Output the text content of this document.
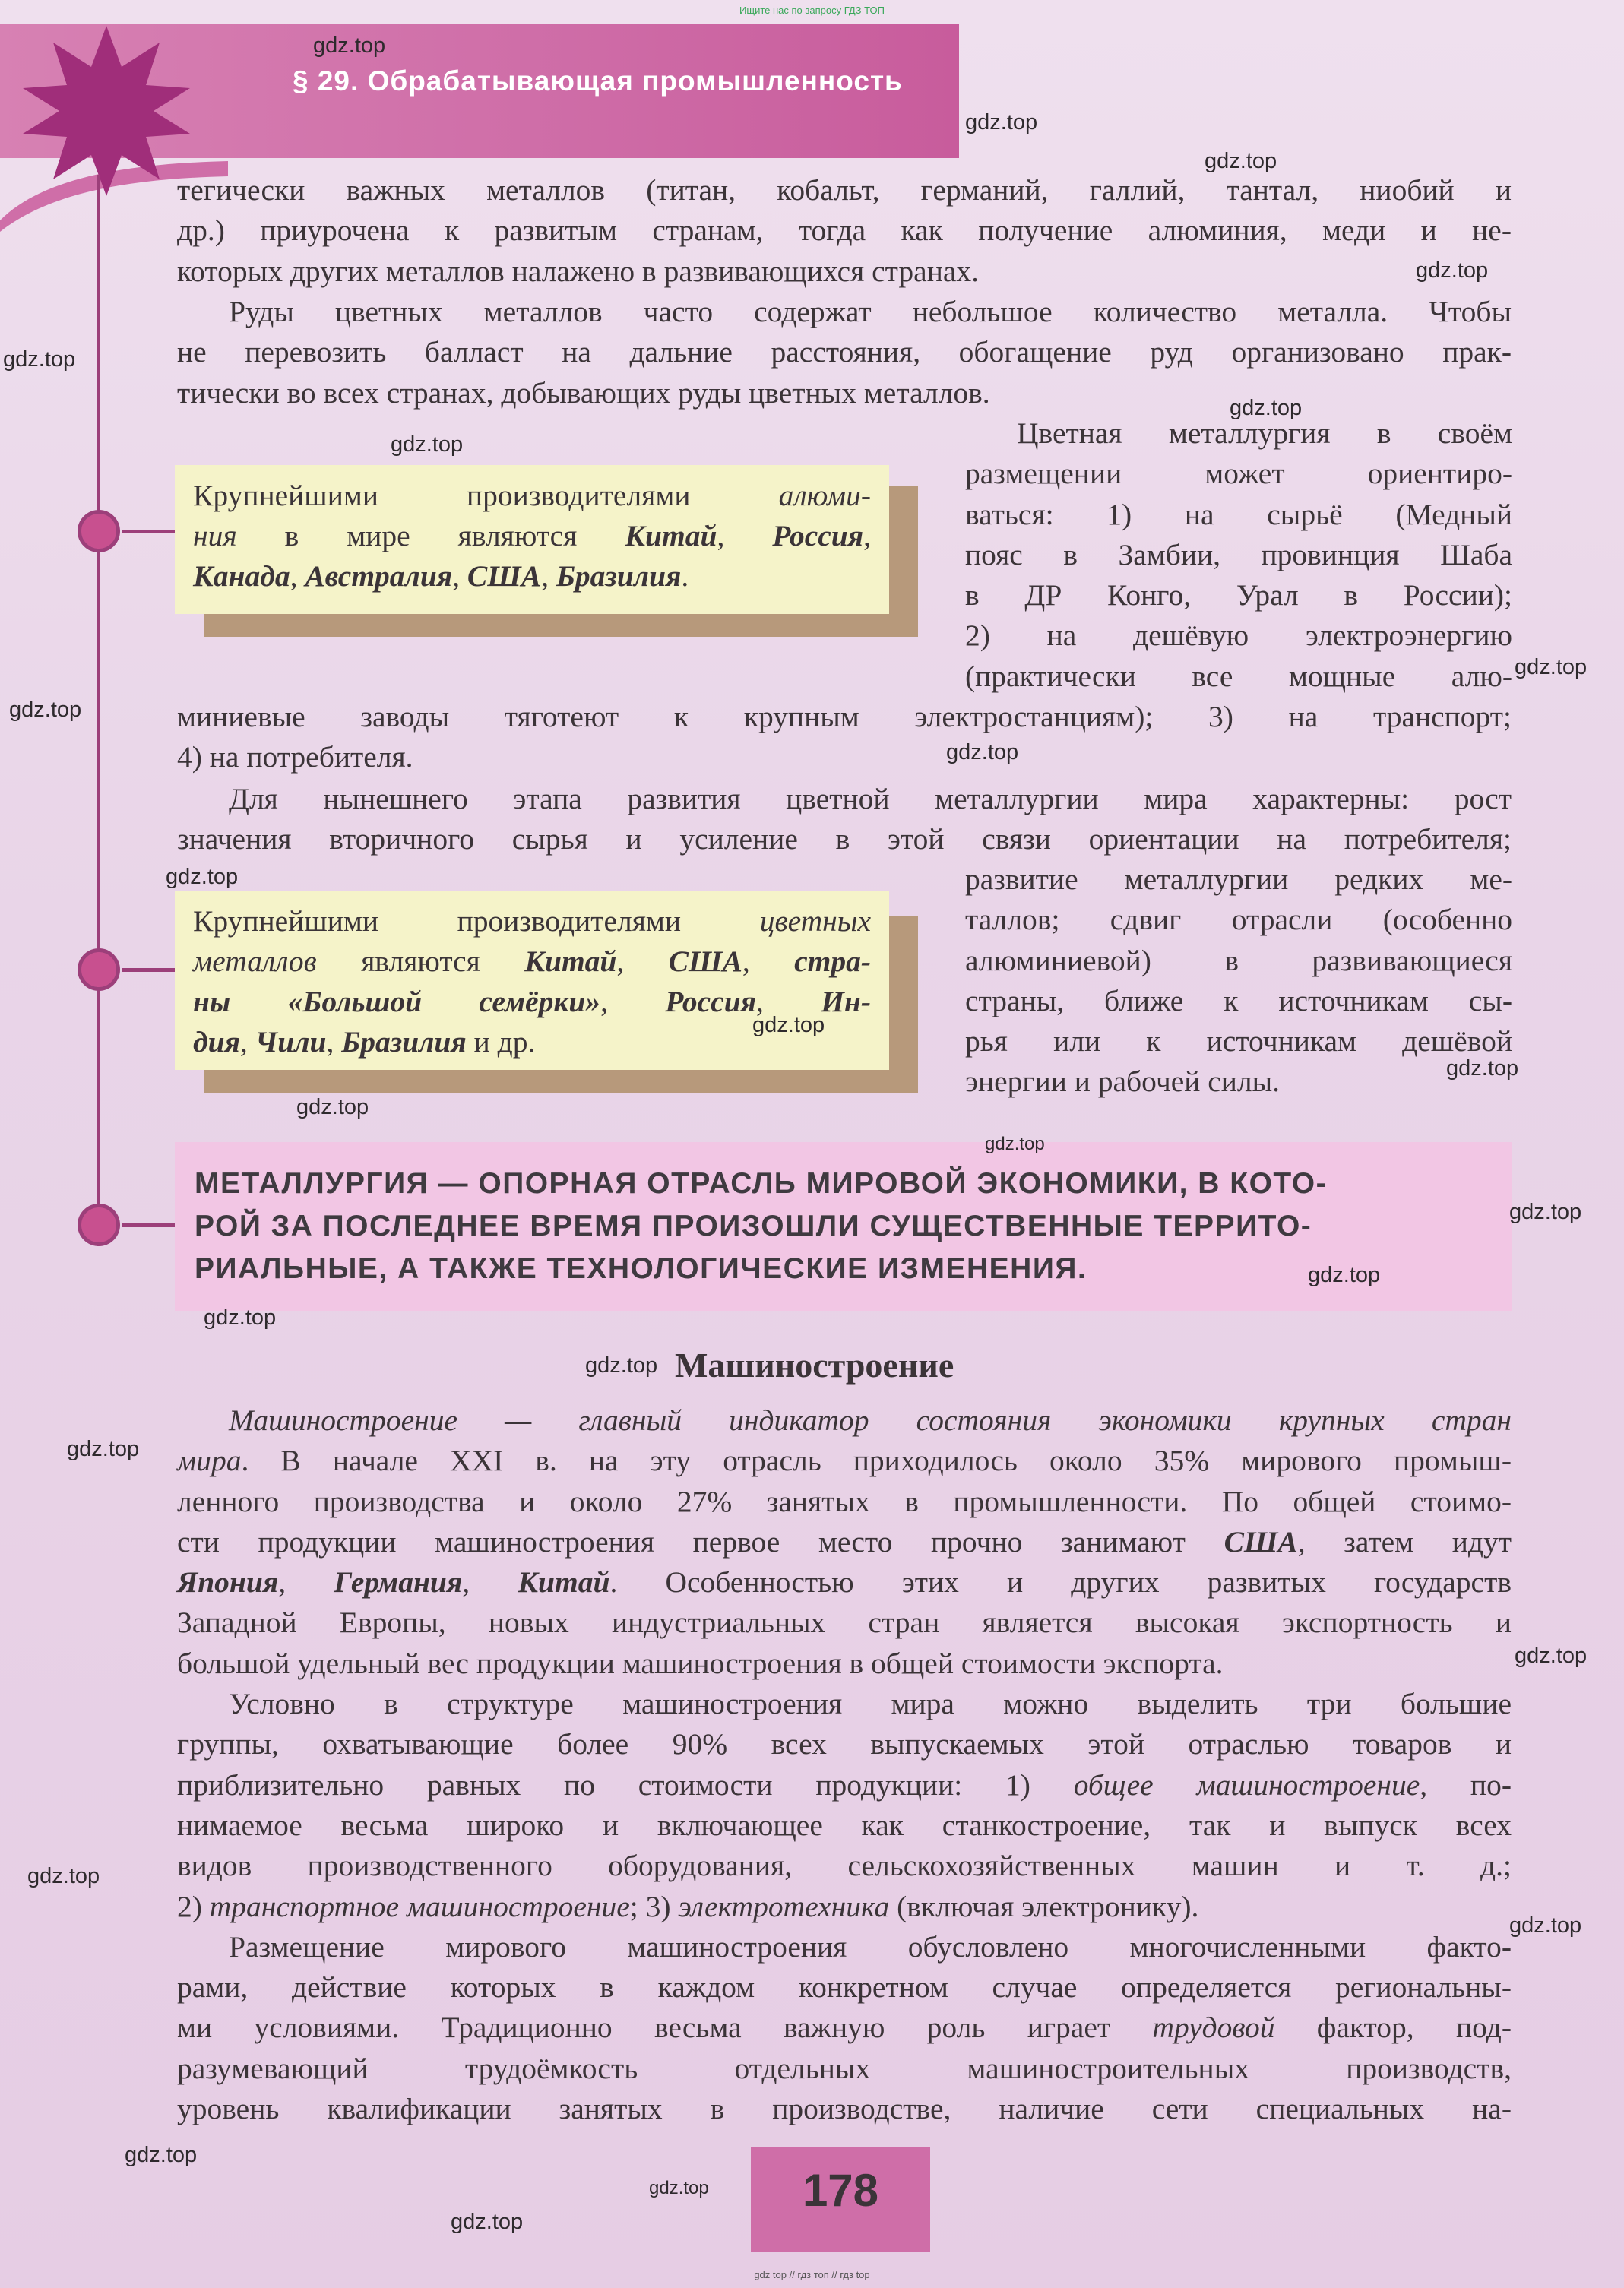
Ищите нас по запросу ГДЗ ТОП
§ 29. Обрабатывающая промышленность
тегически важных металлов (титан, кобальт, германий, галлий, тантал, ниобий и
др.) приурочена к развитым странам, тогда как получение алюминия, меди и не-
которых других металлов налажено в развивающихся странах.
Руды цветных металлов часто содержат небольшое количество металла. Чтобы
не перевозить балласт на дальние расстояния, обогащение руд организовано прак-
тически во всех странах, добывающих руды цветных металлов.
Крупнейшими производителями алюми-
ния в мире являются Китай, Россия,
Канада, Австралия, США, Бразилия.
Цветная металлургия в своём
размещении может ориентиро-
ваться: 1) на сырьё (Медный
пояс в Замбии, провинция Шаба
в ДР Конго, Урал в России);
2) на дешёвую электроэнергию
(практически все мощные алю-
миниевые заводы тяготеют к крупным электростанциям); 3) на транспорт;
4) на потребителя.
Для нынешнего этапа развития цветной металлургии мира характерны: рост
значения вторичного сырья и усиление в этой связи ориентации на потребителя;
развитие металлургии редких ме-
таллов; сдвиг отрасли (особенно
алюминиевой) в развивающиеся
страны, ближе к источникам сы-
рья или к источникам дешёвой
энергии и рабочей силы.
Крупнейшими производителями цветных
металлов являются Китай, США, стра-
ны «Большой семёрки», Россия, Ин-
дия, Чили, Бразилия и др.
МЕТАЛЛУРГИЯ — ОПОРНАЯ ОТРАСЛЬ МИРОВОЙ ЭКОНОМИКИ, В КОТО-
РОЙ ЗА ПОСЛЕДНЕЕ ВРЕМЯ ПРОИЗОШЛИ СУЩЕСТВЕННЫЕ ТЕРРИТО-
РИАЛЬНЫЕ, А ТАКЖЕ ТЕХНОЛОГИЧЕСКИЕ ИЗМЕНЕНИЯ.
Машиностроение
Машиностроение — главный индикатор состояния экономики крупных стран
мира. В начале XXI в. на эту отрасль приходилось около 35% мирового промыш-
ленного производства и около 27% занятых в промышленности. По общей стоимо-
сти продукции машиностроения первое место прочно занимают США, затем идут
Япония, Германия, Китай. Особенностью этих и других развитых государств
Западной Европы, новых индустриальных стран является высокая экспортность и
большой удельный вес продукции машиностроения в общей стоимости экспорта.
Условно в структуре машиностроения мира можно выделить три большие
группы, охватывающие более 90% всех выпускаемых этой отраслью товаров и
приблизительно равных по стоимости продукции: 1) общее машиностроение, по-
нимаемое весьма широко и включающее как станкостроение, так и выпуск всех
видов производственного оборудования, сельскохозяйственных машин и т. д.;
2) транспортное машиностроение; 3) электротехника (включая электронику).
Размещение мирового машиностроения обусловлено многочисленными факто-
рами, действие которых в каждом конкретном случае определяется региональны-
ми условиями. Традиционно весьма важную роль играет трудовой фактор, под-
разумевающий трудоёмкость отдельных машиностроительных производств,
уровень квалификации занятых в производстве, наличие сети специальных на-
178
gdz.top
gdz.top
gdz.top
gdz.top
gdz.top
gdz.top
gdz.top
gdz.top
gdz.top
gdz.top
gdz.top
gdz.top
gdz.top
gdz.top
gdz.top
gdz.top
gdz.top
gdz.top
gdz.top
gdz.top
gdz.top
gdz.top
gdz.top
gdz.top
gdz.top
gdz.top
gdz top // гдз топ // гдз top
